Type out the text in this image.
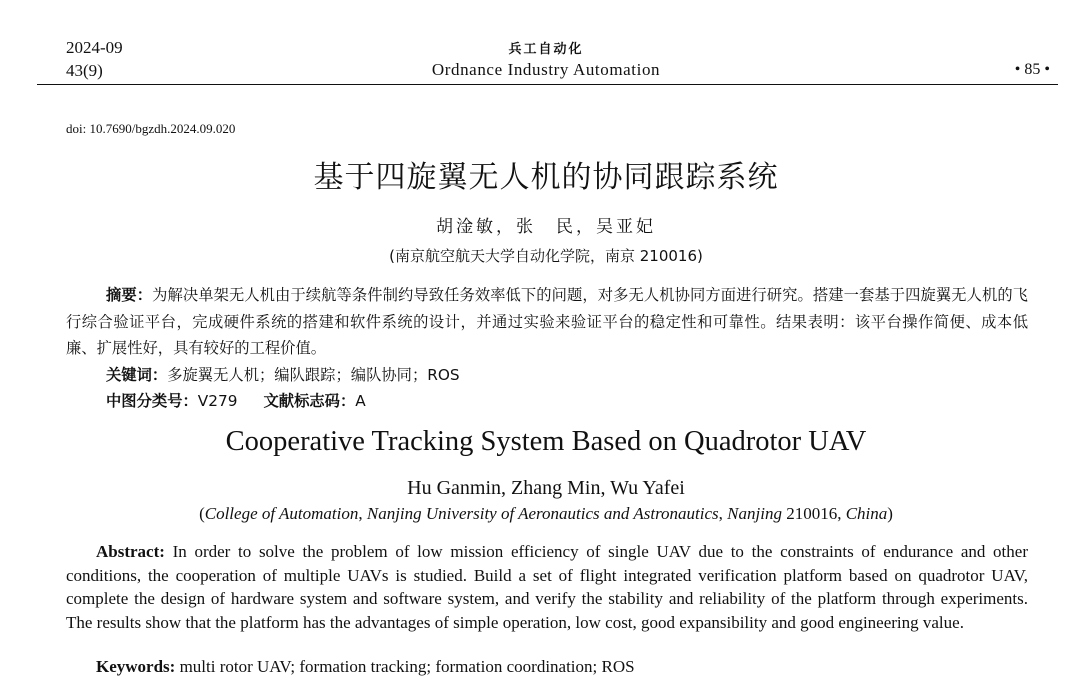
2024-09
43(9)
兵工自动化
Ordnance Industry Automation	• 85 •
doi: 10.7690/bgzdh.2024.09.020
基于四旋翼无人机的协同跟踪系统
胡淦敏，张　民，吴亚妃
(南京航空航天大学自动化学院，南京 210016)
摘要：为解决单架无人机由于续航等条件制约导致任务效率低下的问题，对多无人机协同方面进行研究。搭建一套基于四旋翼无人机的飞行综合验证平台，完成硬件系统的搭建和软件系统的设计，并通过实验来验证平台的稳定性和可靠性。结果表明：该平台操作简便、成本低廉、扩展性好，具有较好的工程价值。
关键词：多旋翼无人机；编队跟踪；编队协同；ROS
中图分类号：V279 文献标志码：A
Cooperative Tracking System Based on Quadrotor UAV
Hu Ganmin, Zhang Min, Wu Yafei
(College of Automation, Nanjing University of Aeronautics and Astronautics, Nanjing 210016, China)
Abstract: In order to solve the problem of low mission efficiency of single UAV due to the constraints of endurance and other conditions, the cooperation of multiple UAVs is studied. Build a set of flight integrated verification platform based on quadrotor UAV, complete the design of hardware system and software system, and verify the stability and reliability of the platform through experiments. The results show that the platform has the advantages of simple operation, low cost, good expansibility and good engineering value.
Keywords: multi rotor UAV; formation tracking; formation coordination; ROS
